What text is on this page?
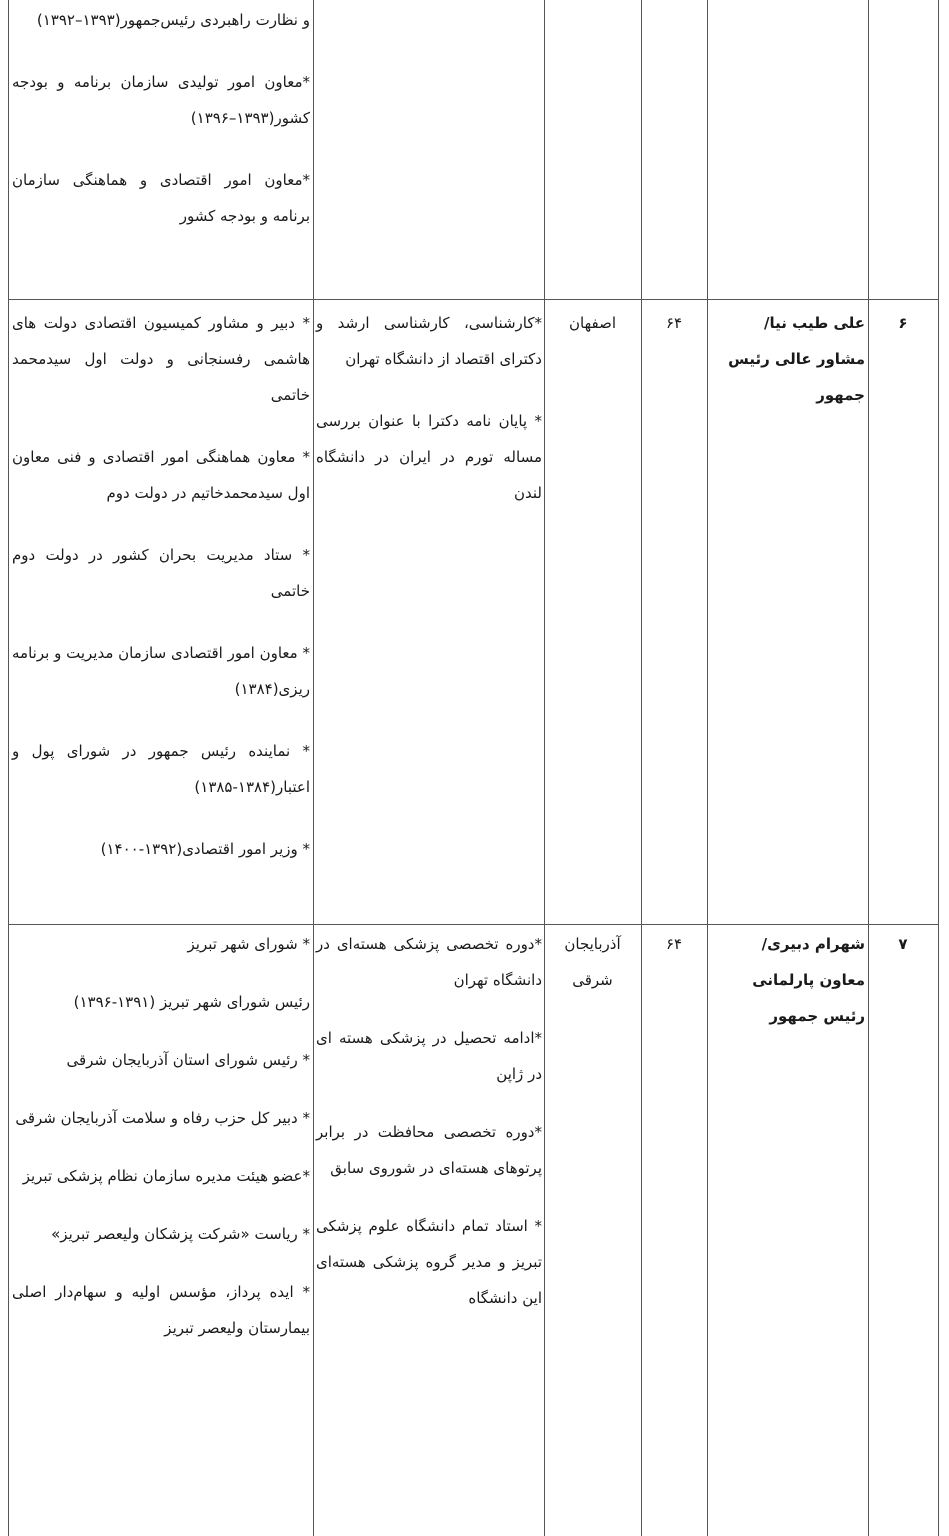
و نظارت راهبردی رئیس‌جمهور(۱۳۹۳–۱۳۹۲)

*معاون امور تولیدی سازمان برنامه و بودجه کشور(۱۳۹۳–۱۳۹۶)

*معاون امور اقتصادی و هماهنگی سازمان برنامه و بودجه کشور

۶
علی طیب نیا/ مشاور عالی رئیس جمهور
۶۴
اصفهان

*کارشناسی، کارشناسی ارشد و دکترای اقتصاد از دانشگاه تهران

* پایان نامه دکترا با عنوان بررسی مساله تورم در ایران در دانشگاه لندن

* دبیر و مشاور کمیسیون اقتصادی دولت های هاشمی رفسنجانی و دولت اول سیدمحمد خاتمی

* معاون هماهنگی امور اقتصادی و فنی معاون اول سیدمحمدخاتیم در دولت دوم

* ستاد مدیریت بحران کشور در دولت دوم خاتمی

* معاون امور اقتصادی سازمان مدیریت و برنامه ریزی(۱۳۸۴)

* نماینده رئیس جمهور در شورای پول و اعتبار(۱۳۸۴-۱۳۸۵)

* وزیر امور اقتصادی(۱۳۹۲-۱۴۰۰)

۷
شهرام دبیری/ معاون پارلمانی رئیس جمهور
۶۴
آذربایجان شرقی

*دوره تخصصی پزشکی هسته‌ای در دانشگاه تهران

*ادامه تحصیل در پزشکی هسته ای در ژاپن

*دوره تخصصی محافظت در برابر پرتوهای هسته‌ای در شوروی سابق

* استاد تمام دانشگاه علوم پزشکی تبریز و مدیر گروه پزشکی هسته‌ای این دانشگاه

* شورای شهر تبریز

رئیس شورای شهر تبریز (۱۳۹۱-۱۳۹۶)

* رئیس شورای استان آذربایجان شرقی

* دبیر کل حزب رفاه و سلامت آذربایجان شرقی

*عضو هیئت مدیره سازمان نظام پزشکی تبریز

* ریاست «شرکت پزشکان ولیعصر تبریز»

* ایده پرداز، مؤسس اولیه و سهام‌دار اصلی بیمارستان ولیعصر تبریز
